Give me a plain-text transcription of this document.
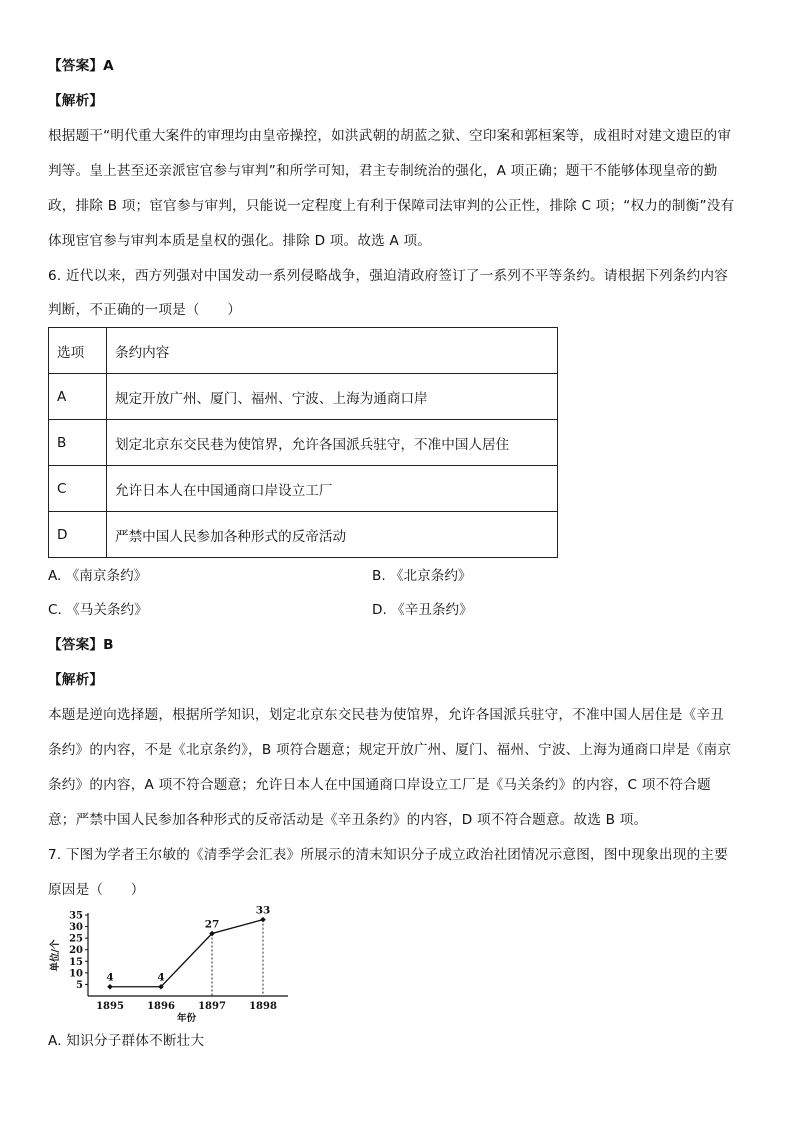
【答案】A
【解析】
根据题干“明代重大案件的审理均由皇帝操控，如洪武朝的胡蓝之狱、空印案和郭桓案等，成祖时对建文遗臣的审
判等。皇上甚至还亲派宦官参与审判”和所学可知，君主专制统治的强化，A 项正确；题干不能够体现皇帝的勤
政，排除 B 项；宦官参与审判，只能说一定程度上有利于保障司法审判的公正性，排除 C 项；“权力的制衡”没有
体现宦官参与审判本质是皇权的强化。排除 D 项。故选 A 项。
6. 近代以来，西方列强对中国发动一系列侵略战争，强迫清政府签订了一系列不平等条约。请根据下列条约内容
判断，不正确的一项是（　　）
选项	条约内容
A	规定开放广州、厦门、福州、宁波、上海为通商口岸
B	划定北京东交民巷为使馆界，允许各国派兵驻守，不准中国人居住
C	允许日本人在中国通商口岸设立工厂
D	严禁中国人民参加各种形式的反帝活动
A. 《南京条约》	B. 《北京条约》
C. 《马关条约》	D. 《辛丑条约》
【答案】B
【解析】
本题是逆向选择题，根据所学知识，划定北京东交民巷为使馆界，允许各国派兵驻守，不准中国人居住是《辛丑
条约》的内容，不是《北京条约》，B 项符合题意；规定开放广州、厦门、福州、宁波、上海为通商口岸是《南京
条约》的内容，A 项不符合题意；允许日本人在中国通商口岸设立工厂是《马关条约》的内容，C 项不符合题
意；严禁中国人民参加各种形式的反帝活动是《辛丑条约》的内容，D 项不符合题意。故选 B 项。
7. 下图为学者王尔敏的《清季学会汇表》所展示的清末知识分子成立政治社团情况示意图，图中现象出现的主要
原因是（　　）
5
10
15
20
25
30
35
单位/个
1895 1896 1897 1898
年份
4	4
27
33
A. 知识分子群体不断壮大
